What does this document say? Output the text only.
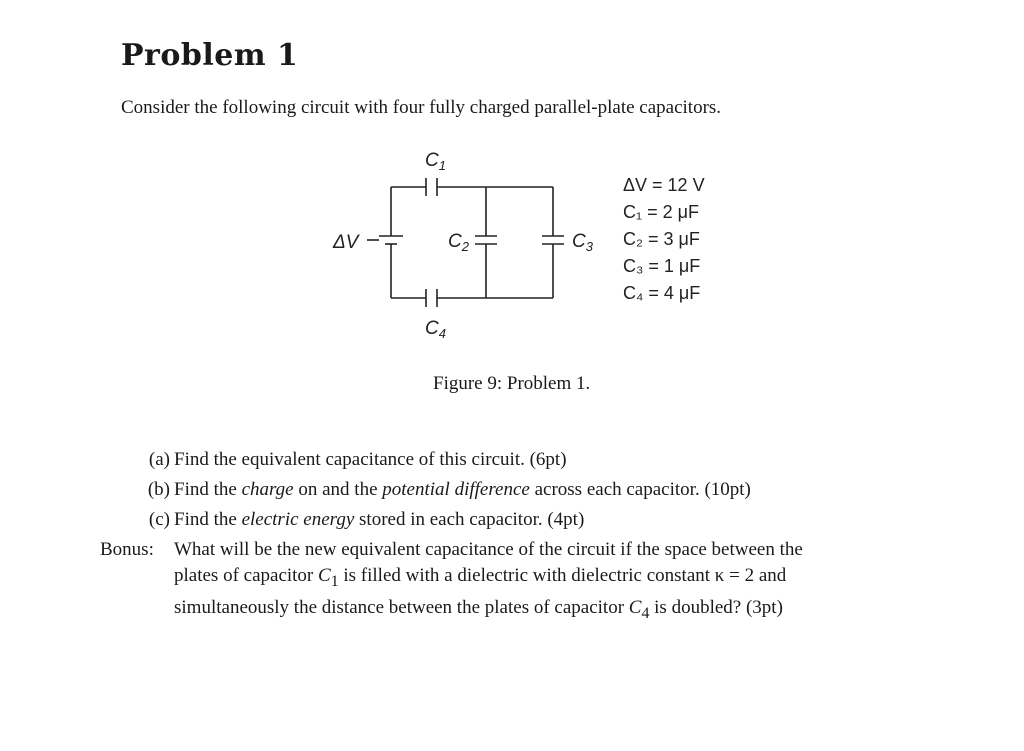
Problem 1

Consider the following circuit with four fully charged parallel-plate capacitors.

$C_1$
$C_2$	$C_3$
$C_4$
ΔV
ΔV = 12 V
C₁ = 2 μF
C₂ = 3 μF
C₃ = 1 μF
C₄ = 4 μF

Figure 9: Problem 1.

(a) Find the equivalent capacitance of this circuit. (6pt)
(b) Find the charge on and the potential difference across each capacitor. (10pt)
(c) Find the electric energy stored in each capacitor. (4pt)
Bonus:	What will be the new equivalent capacitance of the circuit if the space between the
plates of capacitor $C_1$ is filled with a dielectric with dielectric constant κ = 2 and
simultaneously the distance between the plates of capacitor $C_4$ is doubled? (3pt)
